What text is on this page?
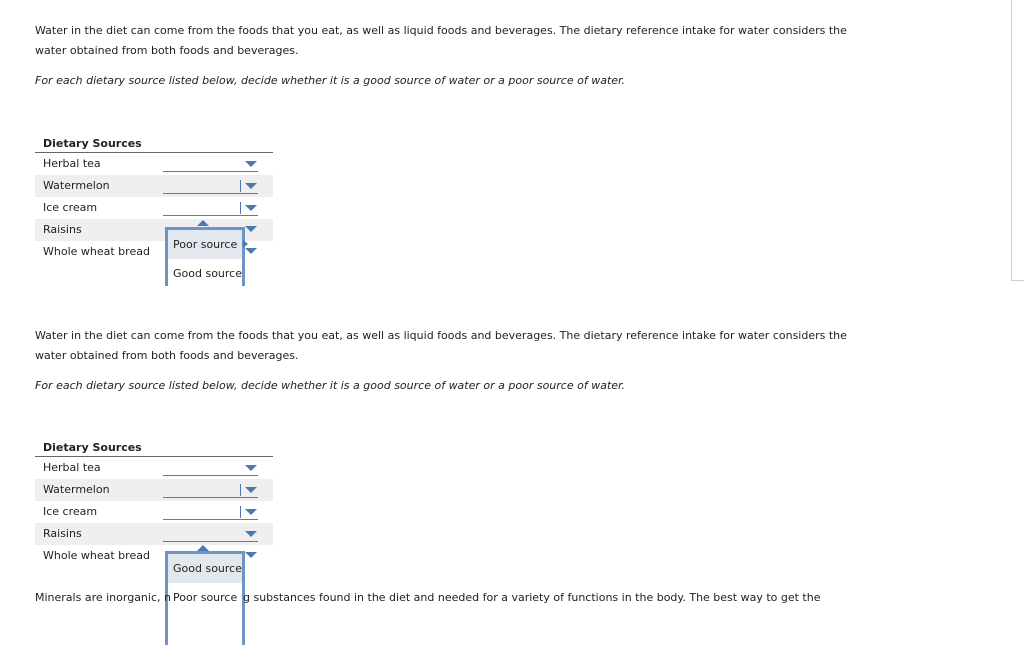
Water in the diet can come from the foods that you eat, as well as liquid foods and beverages. The dietary reference intake for water considers the
water obtained from both foods and beverages.
For each dietary source listed below, decide whether it is a good source of water or a poor source of water.
Dietary Sources
Herbal tea
Watermelon
Ice cream
Raisins
Whole wheat bread
Poor source
Good source
Water in the diet can come from the foods that you eat, as well as liquid foods and beverages. The dietary reference intake for water considers the
water obtained from both foods and beverages.
For each dietary source listed below, decide whether it is a good source of water or a poor source of water.
Dietary Sources
Herbal tea
Watermelon
Ice cream
Raisins
Whole wheat bread
Good source
Poor source
Minerals are inorganic, n	g substances found in the diet and needed for a variety of functions in the body. The best way to get the
